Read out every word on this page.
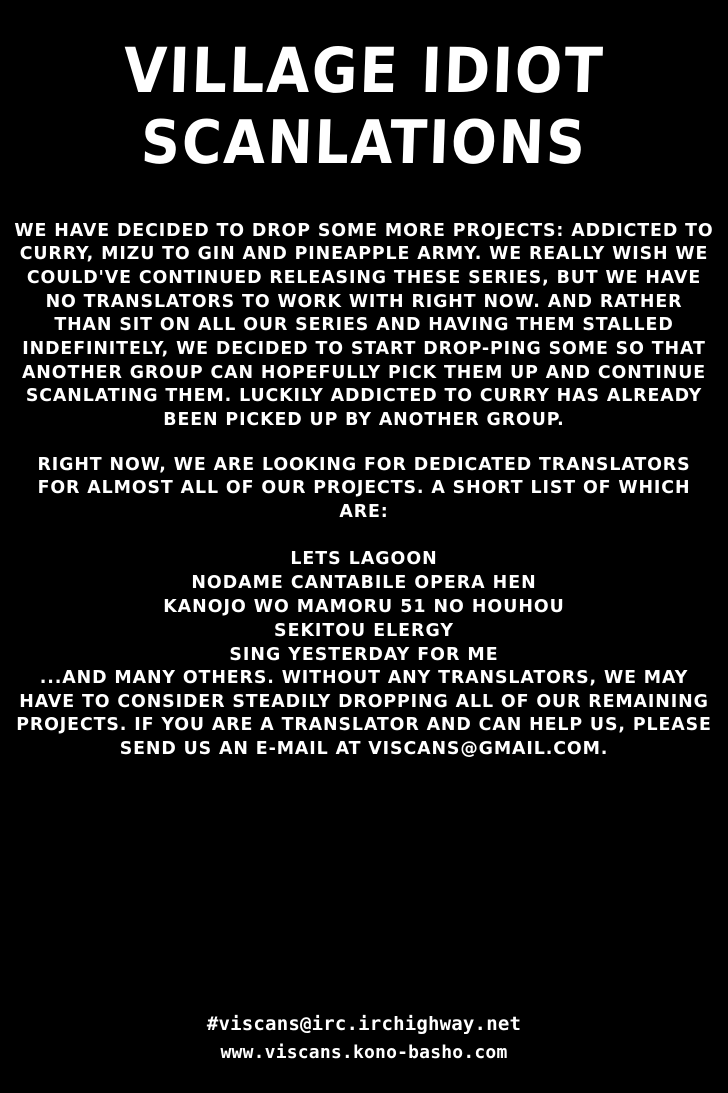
VILLAGE IDIOT
SCANLATIONS

WE HAVE DECIDED TO DROP SOME MORE PROJECTS: ADDICTED TO CURRY, MIZU TO GIN AND PINEAPPLE ARMY. WE REALLY WISH WE COULD'VE CONTINUED RELEASING THESE SERIES, BUT WE HAVE NO TRANSLATORS TO WORK WITH RIGHT NOW. AND RATHER THAN SIT ON ALL OUR SERIES AND HAVING THEM STALLED INDEFINITELY, WE DECIDED TO START DROP-PING SOME SO THAT ANOTHER GROUP CAN HOPEFULLY PICK THEM UP AND CONTINUE SCANLATING THEM. LUCKILY ADDICTED TO CURRY HAS ALREADY BEEN PICKED UP BY ANOTHER GROUP.

RIGHT NOW, WE ARE LOOKING FOR DEDICATED TRANSLATORS FOR ALMOST ALL OF OUR PROJECTS. A SHORT LIST OF WHICH ARE:

LETS LAGOON
NODAME CANTABILE OPERA HEN
KANOJO WO MAMORU 51 NO HOUHOU
SEKITOU ELERGY
SING YESTERDAY FOR ME

...AND MANY OTHERS. WITHOUT ANY TRANSLATORS, WE MAY HAVE TO CONSIDER STEADILY DROPPING ALL OF OUR REMAINING PROJECTS. IF YOU ARE A TRANSLATOR AND CAN HELP US, PLEASE SEND US AN E-MAIL AT VISCANS@GMAIL.COM.

#viscans@irc.irchighway.net
www.viscans.kono-basho.com
